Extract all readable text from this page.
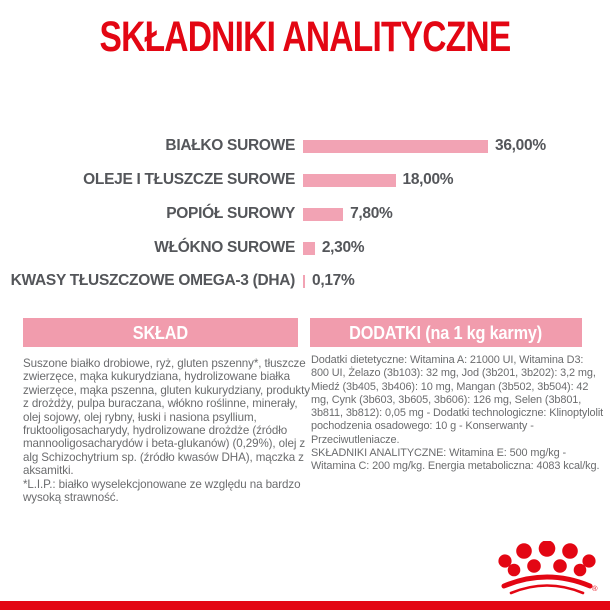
SKŁADNIKI ANALITYCZNE
BIAŁKO SUROWE	36,00%
OLEJE I TŁUSZCZE SUROWE	18,00%
POPIÓŁ SUROWY	7,80%
WŁÓKNO SUROWE 2,30%
KWASY TŁUSZCZOWE OMEGA-3 (DHA) 0,17%
SKŁAD	DODATKI (na 1 kg karmy)

Suszone białko drobiowe, ryż, gluten pszenny*, tłuszcze zwierzęce, mąka kukurydziana, hydrolizowane białka zwierzęce, mąka pszenna, gluten kukurydziany, produkty z drożdży, pulpa buraczana, włókno roślinne, minerały, olej sojowy, olej rybny, łuski i nasiona psyllium, fruktooligosacharydy, hydrolizowane drożdże (źródło mannooligosacharydów i beta-glukanów) (0,29%), olej z alg Schizochytrium sp. (źródło kwasów DHA), mączka z aksamitki.

*L.I.P.: białko wyselekcjonowane ze względu na bardzo wysoką strawność.

Dodatki dietetyczne: Witamina A: 21000 UI, Witamina D3: 800 UI, Żelazo (3b103): 32 mg, Jod (3b201, 3b202): 3,2 mg, Miedź (3b405, 3b406): 10 mg, Mangan (3b502, 3b504): 42 mg, Cynk (3b603, 3b605, 3b606): 126 mg, Selen (3b801, 3b811, 3b812): 0,05 mg - Dodatki technologiczne: Klinoptylolit pochodzenia osadowego: 10 g - Konserwanty - Przeciwutleniacze.

SKŁADNIKI ANALITYCZNE: Witamina E: 500 mg/kg - Witamina C: 200 mg/kg. Energia metaboliczna: 4083 kcal/kg.

®
